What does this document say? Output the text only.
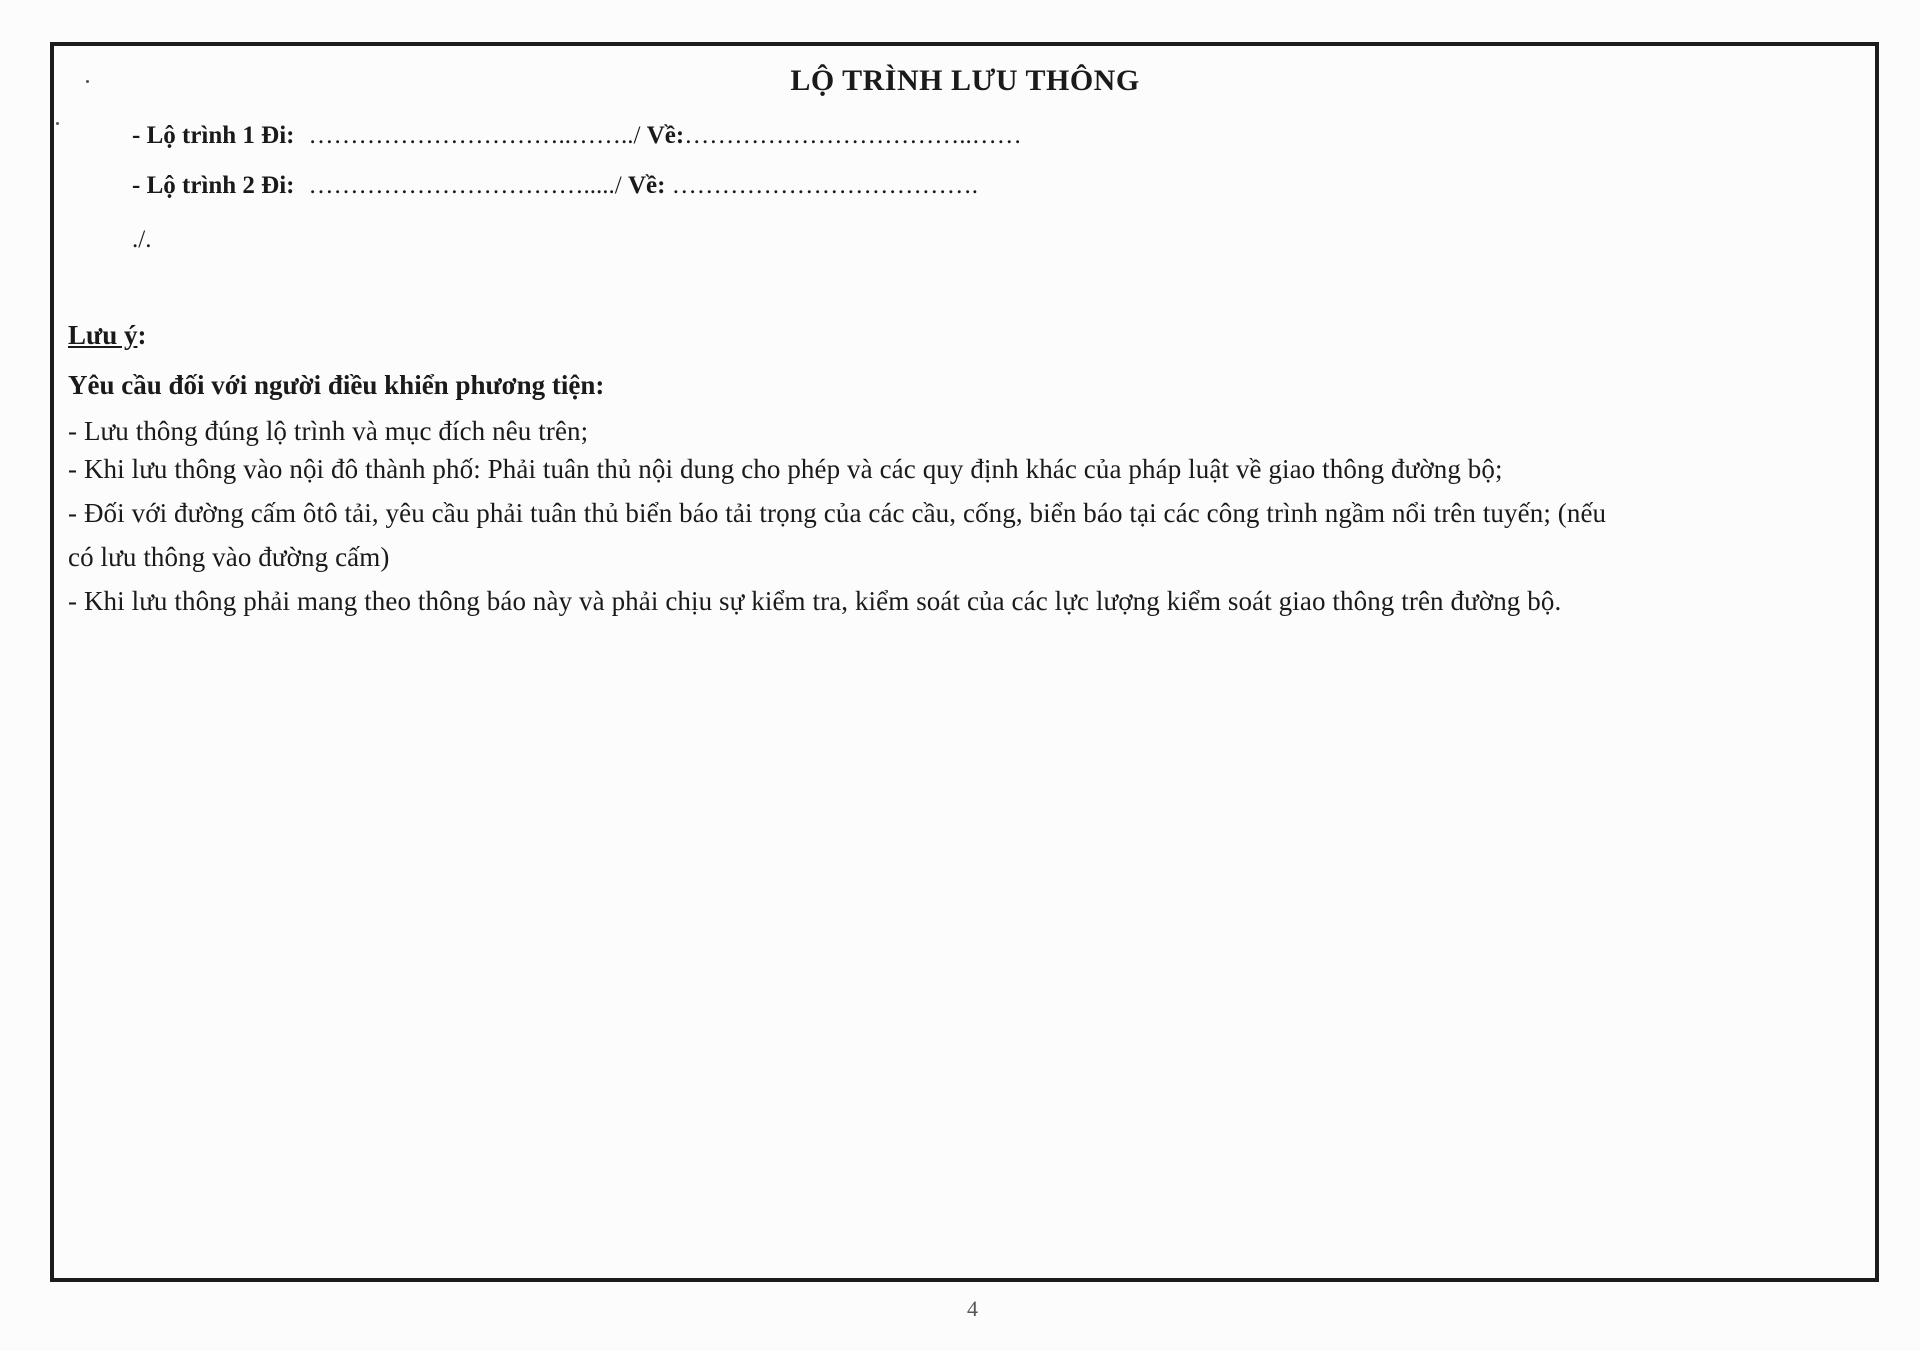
LỘ TRÌNH LƯU THÔNG
- Lộ trình 1 Đi: …………………………..……../ Về:……………………………..……
- Lộ trình 2 Đi: ……………………………...../ Về: ……………………………….
./.
Lưu ý:
Yêu cầu đối với người điều khiển phương tiện:
- Lưu thông đúng lộ trình và mục đích nêu trên;
- Khi lưu thông vào nội đô thành phố: Phải tuân thủ nội dung cho phép và các quy định khác của pháp luật về giao thông đường bộ;
- Đối với đường cấm ôtô tải, yêu cầu phải tuân thủ biển báo tải trọng của các cầu, cống, biển báo tại các công trình ngầm nổi trên tuyến; (nếu
có lưu thông vào đường cấm)
- Khi lưu thông phải mang theo thông báo này và phải chịu sự kiểm tra, kiểm soát của các lực lượng kiểm soát giao thông trên đường bộ.
4
